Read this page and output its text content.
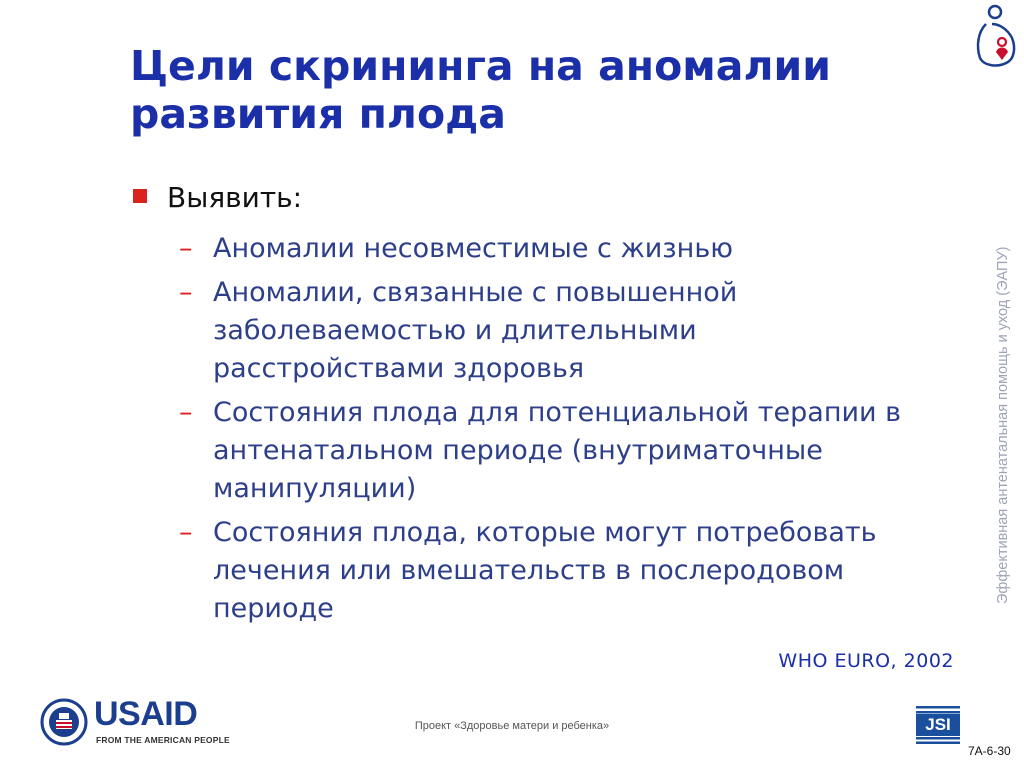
Цели скрининга на аномалии развития плода
Выявить:
– Аномалии несовместимые с жизнью
– Аномалии, связанные с повышенной заболеваемостью и длительными расстройствами здоровья
– Состояния плода для потенциальной терапии в антенатальном периоде (внутриматочные манипуляции)
– Состояния плода, которые могут потребовать лечения или вмешательств в послеродовом периоде
WHO EURO, 2002
Эффективная антенатальная помощь и уход (ЭАПУ)
USAID
FROM THE AMERICAN PEOPLE
Проект «Здоровье матери и ребенка»	JSI
7A-6-30
